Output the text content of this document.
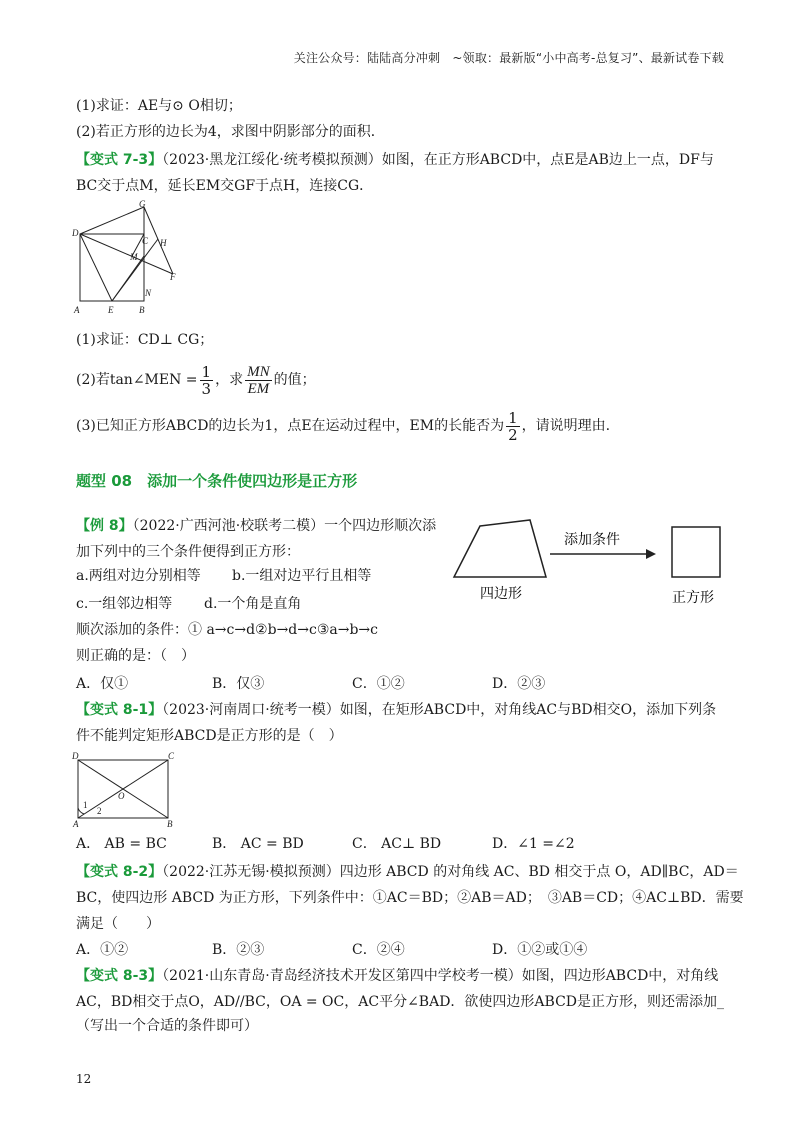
关注公众号：陆陆高分冲刺　~领取：最新版“小中高考-总复习”、最新试卷下载
(1)求证：AE与⊙ O相切；
(2)若正方形的边长为4，求图中阴影部分的面积．
【变式 7-3】（2023·黑龙江绥化·统考模拟预测）如图，在正方形ABCD中，点E是AB边上一点，DF与
BC交于点M，延长EM交GF于点H，连接CG．
G
D
C H
M
F
N
A	E	B
(1)求证：CD⊥ CG；
(2)若tan∠MEN = $\frac{1}{3}$ ，求 $\frac{MN}{EM}$ 的值；
(3)已知正方形ABCD的边长为1，点E在运动过程中，EM的长能否为 $\frac{1}{2}$ ，请说明理由.
题型 08　添加一个条件使四边形是正方形
【例 8】（2022·广西河池·校联考二模）一个四边形顺次添
加下列中的三个条件便得到正方形：
a.两组对边分别相等 b.一组对边平行且相等
c.一组邻边相等 d.一个角是直角
顺次添加的条件：① a→c→d②b→d→c③a→b→c
则正确的是：（　）
A．仅①	B．仅③	C．①②	D．②③
添加条件
四边形	正方形
【变式 8-1】（2023·河南周口·统考一模）如图，在矩形ABCD中，对角线AC与BD相交O，添加下列条
件不能判定矩形ABCD是正方形的是（　）
D	C
O
1
2
A	B
A． AB = BC	B． AC = BD	C． AC⊥ BD	D．∠1 =∠2
【变式 8-2】（2022·江苏无锡·模拟预测）四边形 ABCD 的对角线 AC、BD 相交于点 O，AD∥BC，AD＝
BC，使四边形 ABCD 为正方形，下列条件中：①AC＝BD；②AB＝AD；　③AB＝CD；④AC⊥BD．需要
满足（　　）
A．①②	B．②③	C．②④	D．①②或①④
【变式 8-3】（2021·山东青岛·青岛经济技术开发区第四中学校考一模）如图，四边形ABCD中，对角线
AC，BD相交于点O，AD//BC，OA = OC，AC平分∠BAD．欲使四边形ABCD是正方形，则还需添加_
（写出一个合适的条件即可）
12
